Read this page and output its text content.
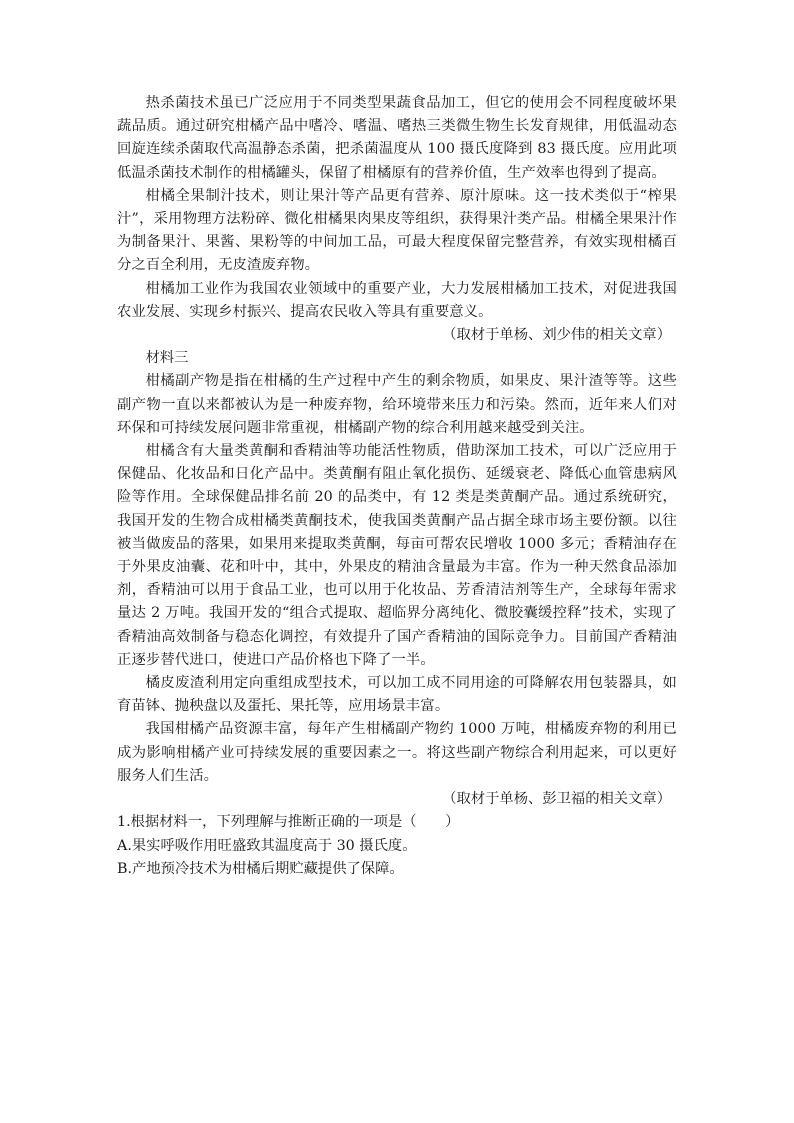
热杀菌技术虽已广泛应用于不同类型果蔬食品加工，但它的使用会不同程度破坏果蔬品质。通过研究柑橘产品中嗜冷、嗜温、嗜热三类微生物生长发育规律，用低温动态回旋连续杀菌取代高温静态杀菌，把杀菌温度从 100 摄氏度降到 83 摄氏度。应用此项低温杀菌技术制作的柑橘罐头，保留了柑橘原有的营养价值，生产效率也得到了提高。

柑橘全果制汁技术，则让果汁等产品更有营养、原汁原味。这一技术类似于“榨果汁”，采用物理方法粉碎、微化柑橘果肉果皮等组织，获得果汁类产品。柑橘全果果汁作为制备果汁、果酱、果粉等的中间加工品，可最大程度保留完整营养，有效实现柑橘百分之百全利用，无皮渣废弃物。

柑橘加工业作为我国农业领域中的重要产业，大力发展柑橘加工技术，对促进我国农业发展、实现乡村振兴、提高农民收入等具有重要意义。

（取材于单杨、刘少伟的相关文章）

材料三

柑橘副产物是指在柑橘的生产过程中产生的剩余物质，如果皮、果汁渣等等。这些副产物一直以来都被认为是一种废弃物，给环境带来压力和污染。然而，近年来人们对环保和可持续发展问题非常重视，柑橘副产物的综合利用越来越受到关注。

柑橘含有大量类黄酮和香精油等功能活性物质，借助深加工技术，可以广泛应用于保健品、化妆品和日化产品中。类黄酮有阻止氧化损伤、延缓衰老、降低心血管患病风险等作用。全球保健品排名前 20 的品类中，有 12 类是类黄酮产品。通过系统研究，我国开发的生物合成柑橘类黄酮技术，使我国类黄酮产品占据全球市场主要份额。以往被当做废品的落果，如果用来提取类黄酮，每亩可帮农民增收 1000 多元；香精油存在于外果皮油囊、花和叶中，其中，外果皮的精油含量最为丰富。作为一种天然食品添加剂，香精油可以用于食品工业，也可以用于化妆品、芳香清洁剂等生产，全球每年需求量达 2 万吨。我国开发的“组合式提取、超临界分离纯化、微胶囊缓控释”技术，实现了香精油高效制备与稳态化调控，有效提升了国产香精油的国际竞争力。目前国产香精油正逐步替代进口，使进口产品价格也下降了一半。

橘皮废渣利用定向重组成型技术，可以加工成不同用途的可降解农用包装器具，如育苗钵、抛秧盘以及蛋托、果托等，应用场景丰富。

我国柑橘产品资源丰富，每年产生柑橘副产物约 1000 万吨，柑橘废弃物的利用已成为影响柑橘产业可持续发展的重要因素之一。将这些副产物综合利用起来，可以更好服务人们生活。

（取材于单杨、彭卫福的相关文章）

1.根据材料一，下列理解与推断正确的一项是（　　）

A.果实呼吸作用旺盛致其温度高于 30 摄氏度。

B.产地预冷技术为柑橘后期贮藏提供了保障。
